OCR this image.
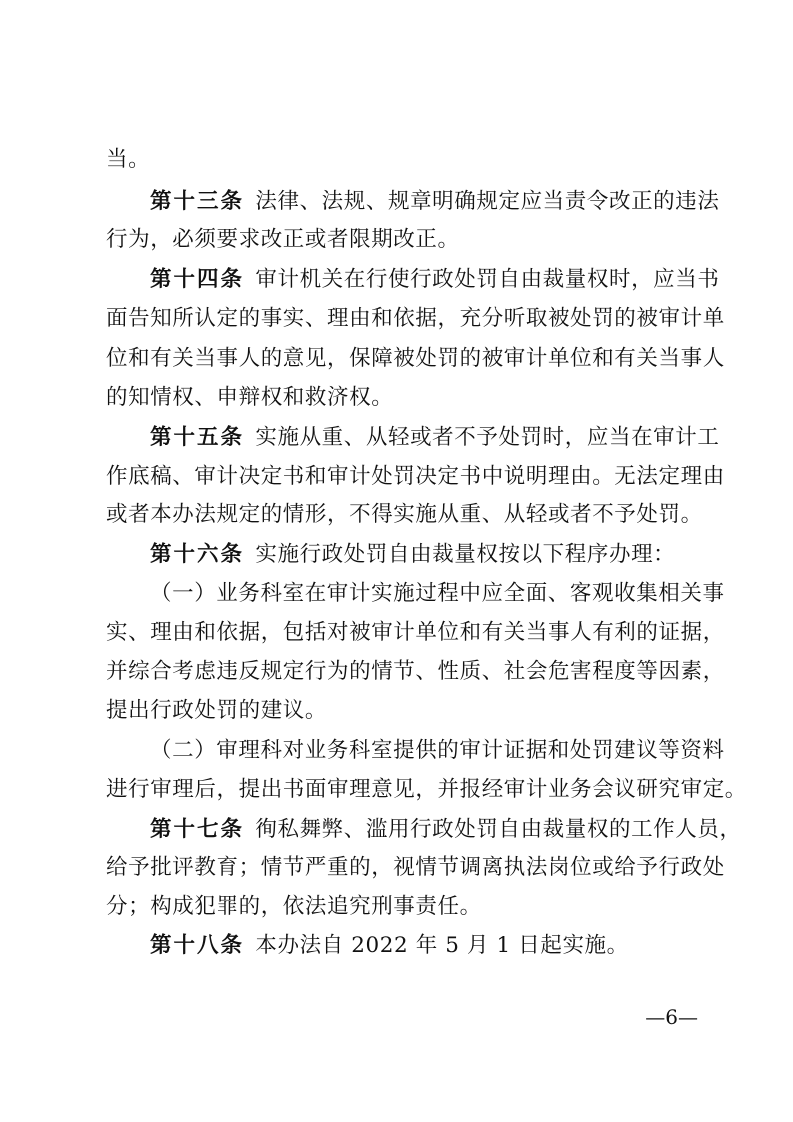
当。
第十三条  法律、法规、规章明确规定应当责令改正的违法
行为，必须要求改正或者限期改正。
第十四条  审计机关在行使行政处罚自由裁量权时，应当书
面告知所认定的事实、理由和依据，充分听取被处罚的被审计单
位和有关当事人的意见，保障被处罚的被审计单位和有关当事人
的知情权、申辩权和救济权。
第十五条  实施从重、从轻或者不予处罚时，应当在审计工
作底稿、审计决定书和审计处罚决定书中说明理由。无法定理由
或者本办法规定的情形，不得实施从重、从轻或者不予处罚。
第十六条  实施行政处罚自由裁量权按以下程序办理：
（一）业务科室在审计实施过程中应全面、客观收集相关事
实、理由和依据，包括对被审计单位和有关当事人有利的证据，
并综合考虑违反规定行为的情节、性质、社会危害程度等因素，
提出行政处罚的建议。
（二）审理科对业务科室提供的审计证据和处罚建议等资料
进行审理后，提出书面审理意见，并报经审计业务会议研究审定。
第十七条  徇私舞弊、滥用行政处罚自由裁量权的工作人员，
给予批评教育；情节严重的，视情节调离执法岗位或给予行政处
分；构成犯罪的，依法追究刑事责任。
第十八条  本办法自 2022 年 5 月 1 日起实施。
—6—
